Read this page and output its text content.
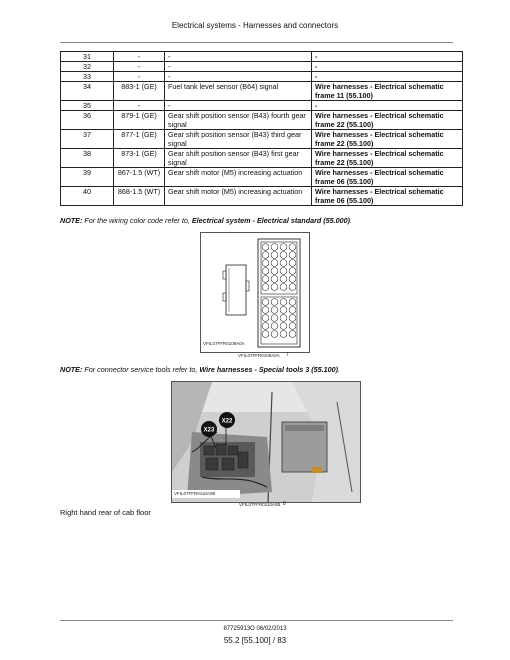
Electrical systems - Harnesses and connectors
31	-	-	-
32	-	-	-
33	-	-	-
34	883-1 (GE)	Fuel tank level sensor (B64) signal	Wire harnesses - Electrical schematic frame 11 (55.100)
35	-	-	-
36	879-1 (GE)	Gear shift position sensor (B43) fourth gear signal	Wire harnesses - Electrical schematic frame 22 (55.100)
37	877-1 (GE)	Gear shift position sensor (B43) third gear signal	Wire harnesses - Electrical schematic frame 22 (55.100)
38	873-1 (GE)	Gear shift position sensor (B43) first gear signal	Wire harnesses - Electrical schematic frame 22 (55.100)
39	867-1.5 (WT)	Gear shift motor (M5) increasing actuation	Wire harnesses - Electrical schematic frame 06 (55.100)
40	868-1.5 (WT)	Gear shift motor (M5) increasing actuation	Wire harnesses - Electrical schematic frame 06 (55.100)
NOTE: For the wiring color code refer to, Electrical system - Electrical standard (55.000).
VFIL07FFR0109A0A
VFIL07FFR0109A0A 7
NOTE: For connector service tools refer to, Wire harnesses - Special tools 3 (55.100).
X23
X22
VFIL07FFR0110A0B
VFIL07FFR0110A0B 8
Right hand rear of cab floor
87725913O 06/02/2013
55.2 [55.100] / 83
